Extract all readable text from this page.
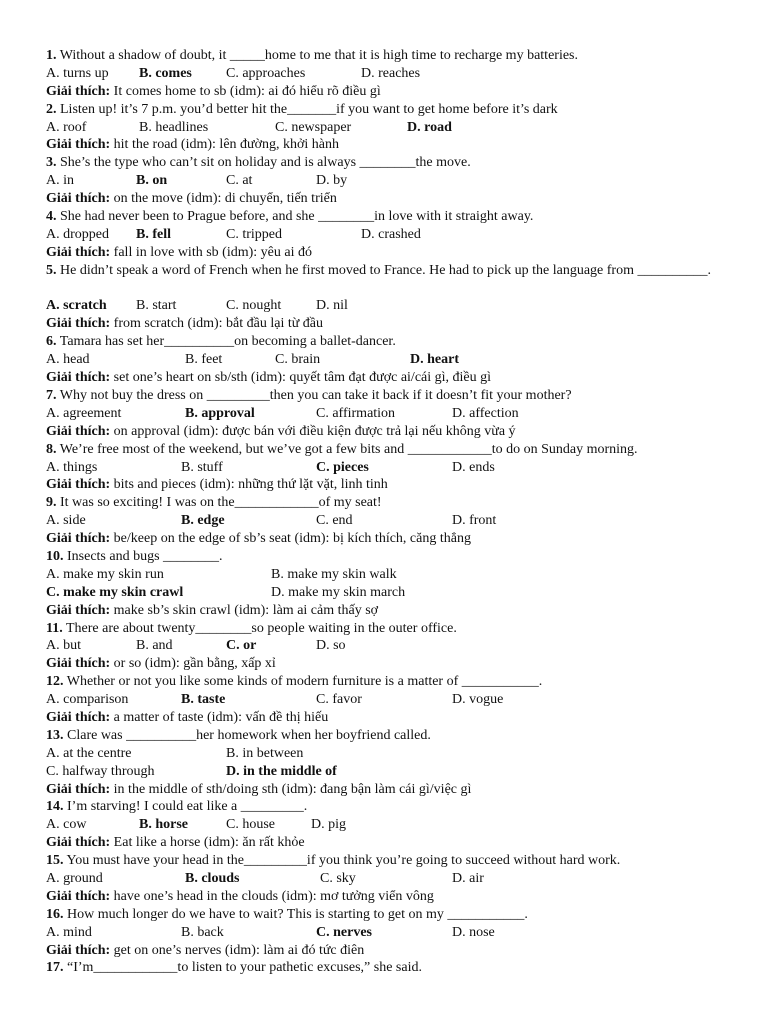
1. Without a shadow of doubt, it _____home to me that it is high time to recharge my batteries.
A. turns up B. comes C. approaches	D. reaches
Giải thích: It comes home to sb (idm): ai đó hiểu rõ điều gì
2. Listen up! it’s 7 p.m. you’d better hit the_______if you want to get home before it’s dark
A. roof	B. headlines	C. newspaper	D. road
Giải thích: hit the road (idm): lên đường, khởi hành
3. She’s the type who can’t sit on holiday and is always ________the move.
A. in	B. on	C. at	D. by
Giải thích: on the move (idm): di chuyển, tiến triển
4. She had never been to Prague before, and she ________in love with it straight away.
A. dropped B. fell	C. tripped	D. crashed
Giải thích: fall in love with sb (idm): yêu ai đó
5. He didn’t speak a word of French when he first moved to France. He had to pick up the language from __________.
A. scratch B. start	C. nought D. nil
Giải thích: from scratch (idm): bắt đầu lại từ đầu
6. Tamara has set her__________on becoming a ballet-dancer.
A. head	B. feet	C. brain	D. heart
Giải thích: set one’s heart on sb/sth (idm): quyết tâm đạt được ai/cái gì, điều gì
7. Why not buy the dress on _________then you can take it back if it doesn’t fit your mother?
A. agreement	B. approval	C. affirmation	D. affection
Giải thích: on approval (idm): được bán với điều kiện được trả lại nếu không vừa ý
8. We’re free most of the weekend, but we’ve got a few bits and ____________to do on Sunday morning.
A. things	B. stuff	C. pieces	D. ends
Giải thích: bits and pieces (idm): những thứ lặt vặt, linh tinh
9. It was so exciting! I was on the____________of my seat!
A. side	B. edge	C. end	D. front
Giải thích: be/keep on the edge of sb’s seat (idm): bị kích thích, căng thẳng
10. Insects and bugs ________.
A. make my skin run	B. make my skin walk
C. make my skin crawl	D. make my skin march
Giải thích: make sb’s skin crawl (idm): làm ai cảm thấy sợ
11. There are about twenty________so people waiting in the outer office.
A. but	B. and	C. or	D. so
Giải thích: or so (idm): gần bằng, xấp xỉ
12. Whether or not you like some kinds of modern furniture is a matter of ___________.
A. comparison	B. taste	C. favor	D. vogue
Giải thích: a matter of taste (idm): vấn đề thị hiếu
13. Clare was __________her homework when her boyfriend called.
A. at the centre	B. in between
C. halfway through	D. in the middle of
Giải thích: in the middle of sth/doing sth (idm): đang bận làm cái gì/việc gì
14. I’m starving! I could eat like a _________.
A. cow	B. horse	C. house	D. pig
Giải thích: Eat like a horse (idm): ăn rất khỏe
15. You must have your head in the_________if you think you’re going to succeed without hard work.
A. ground	B. clouds	C. sky	D. air
Giải thích: have one’s head in the clouds (idm): mơ tưởng viển vông
16. How much longer do we have to wait? This is starting to get on my ___________.
A. mind	B. back	C. nerves	D. nose
Giải thích: get on one’s nerves (idm): làm ai đó tức điên
17. “I’m____________to listen to your pathetic excuses,” she said.
